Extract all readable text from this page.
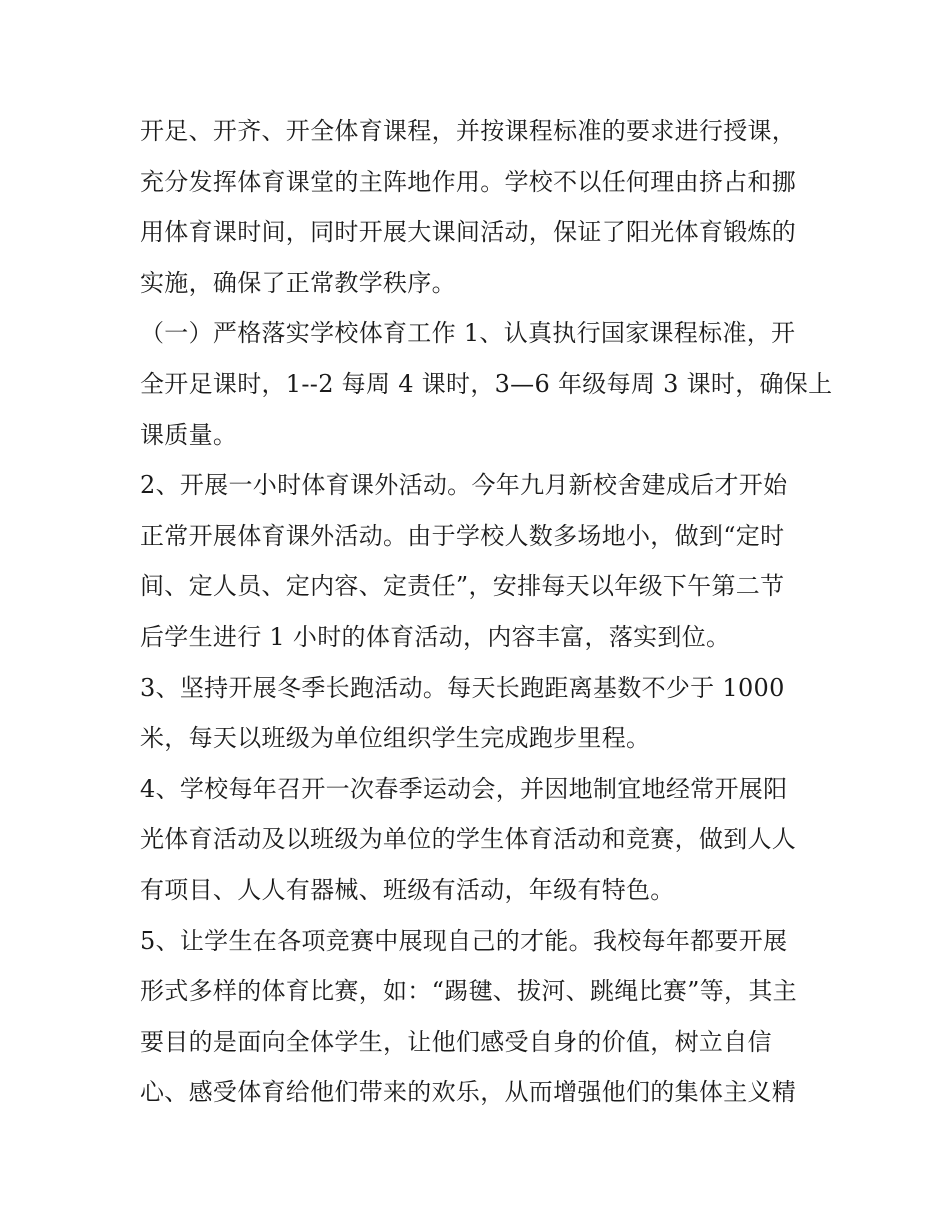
开足、开齐、开全体育课程，并按课程标准的要求进行授课，
充分发挥体育课堂的主阵地作用。学校不以任何理由挤占和挪
用体育课时间，同时开展大课间活动，保证了阳光体育锻炼的
实施，确保了正常教学秩序。

（一）严格落实学校体育工作 1、认真执行国家课程标准，开
全开足课时，1--2 每周 4 课时，3—6 年级每周 3 课时，确保上
课质量。

2、开展一小时体育课外活动。今年九月新校舍建成后才开始
正常开展体育课外活动。由于学校人数多场地小，做到“定时
间、定人员、定内容、定责任”，安排每天以年级下午第二节
后学生进行 1 小时的体育活动，内容丰富，落实到位。

3、坚持开展冬季长跑活动。每天长跑距离基数不少于 1000
米，每天以班级为单位组织学生完成跑步里程。

4、学校每年召开一次春季运动会，并因地制宜地经常开展阳
光体育活动及以班级为单位的学生体育活动和竞赛，做到人人
有项目、人人有器械、班级有活动，年级有特色。

5、让学生在各项竞赛中展现自己的才能。我校每年都要开展
形式多样的体育比赛，如：“踢毽、拔河、跳绳比赛”等，其主
要目的是面向全体学生，让他们感受自身的价值，树立自信
心、感受体育给他们带来的欢乐，从而增强他们的集体主义精
